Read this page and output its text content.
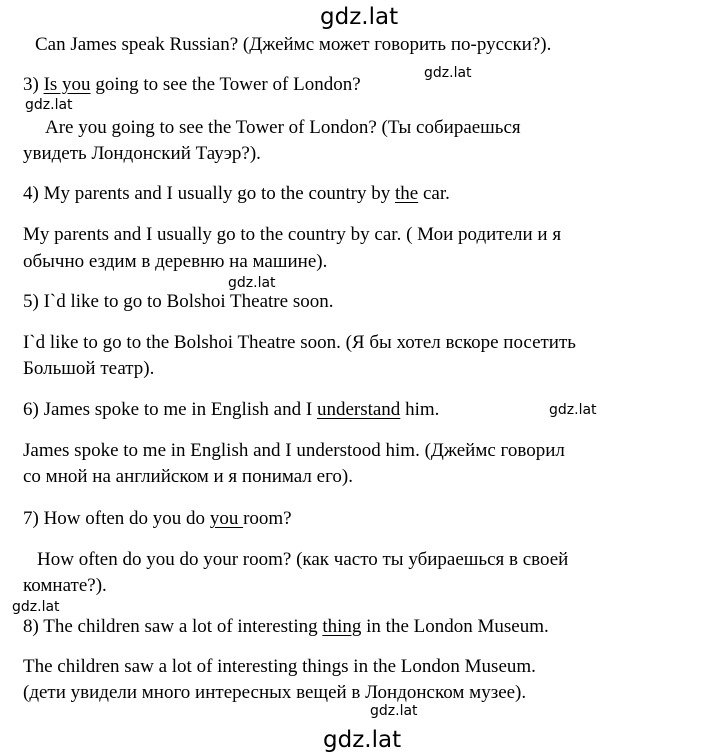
gdz.lat
gdz.lat
gdz.lat
gdz.lat
gdz.lat
gdz.lat
gdz.lat
gdz.lat
Can James speak Russian? (Джеймс может говорить по-русски?).
3) Is you going to see the Tower of London?
Are you going to see the Tower of London? (Ты собираешься
увидеть Лондонский Тауэр?).
4) My parents and I usually go to the country by the car.
My parents and I usually go to the country by car. ( Мои родители и я
обычно ездим в деревню на машине).
5) I`d like to go to Bolshoi Theatre soon.
I`d like to go to the Bolshoi Theatre soon. (Я бы хотел вскоре посетить
Большой театр).
6) James spoke to me in English and I understand him.
James spoke to me in English and I understood him. (Джеймс говорил
со мной на английском и я понимал его).
7) How often do you do you room?
How often do you do your room? (как часто ты убираешься в своей
комнате?).
8) The children saw a lot of interesting thing in the London Museum.
The children saw a lot of interesting things in the London Museum.
(дети увидели много интересных вещей в Лондонском музее).
